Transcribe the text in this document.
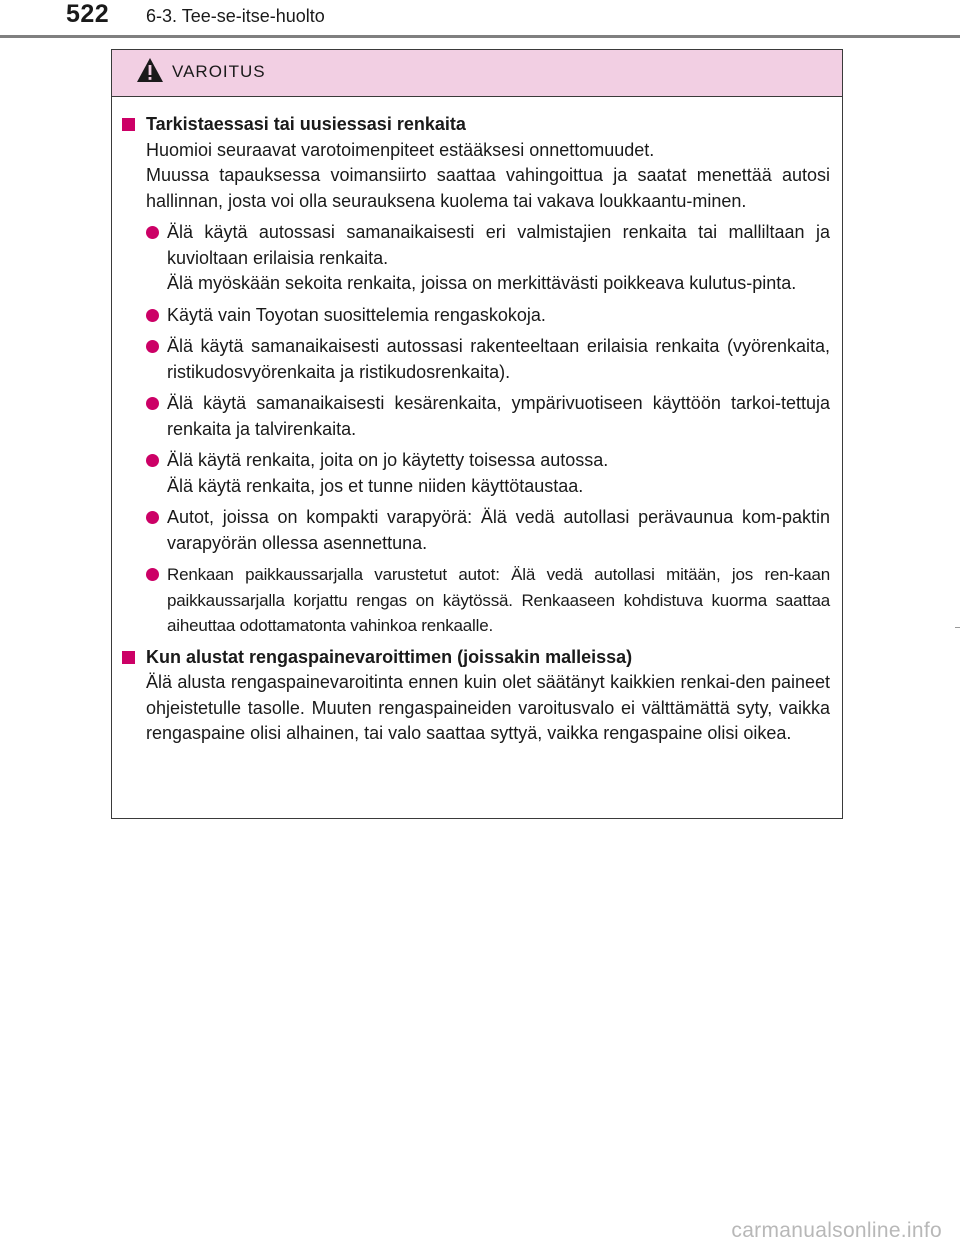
522 6-3. Tee-se-itse-huolto
VAROITUS
Tarkistaessasi tai uusiessasi renkaita
Huomioi seuraavat varotoimenpiteet estääksesi onnettomuudet.
Muussa tapauksessa voimansiirto saattaa vahingoittua ja saatat menettää autosi hallinnan, josta voi olla seurauksena kuolema tai vakava loukkaantu-minen.
Älä käytä autossasi samanaikaisesti eri valmistajien renkaita tai malliltaan ja kuvioltaan erilaisia renkaita.
Älä myöskään sekoita renkaita, joissa on merkittävästi poikkeava kulutus-pinta.
Käytä vain Toyotan suosittelemia rengaskokoja.
Älä käytä samanaikaisesti autossasi rakenteeltaan erilaisia renkaita (vyörenkaita, ristikudosvyörenkaita ja ristikudosrenkaita).
Älä käytä samanaikaisesti kesärenkaita, ympärivuotiseen käyttöön tarkoi-tettuja renkaita ja talvirenkaita.
Älä käytä renkaita, joita on jo käytetty toisessa autossa.
Älä käytä renkaita, jos et tunne niiden käyttötaustaa.
Autot, joissa on kompakti varapyörä: Älä vedä autollasi perävaunua kom-paktin varapyörän ollessa asennettuna.
Renkaan paikkaussarjalla varustetut autot: Älä vedä autollasi mitään, jos ren-kaan paikkaussarjalla korjattu rengas on käytössä. Renkaaseen kohdistuva kuorma saattaa aiheuttaa odottamatonta vahinkoa renkaalle.
Kun alustat rengaspainevaroittimen (joissakin malleissa)
Älä alusta rengaspainevaroitinta ennen kuin olet säätänyt kaikkien renkai-den paineet ohjeistetulle tasolle. Muuten rengaspaineiden varoitusvalo ei välttämättä syty, vaikka rengaspaine olisi alhainen, tai valo saattaa syttyä, vaikka rengaspaine olisi oikea.
carmanualsonline.info
